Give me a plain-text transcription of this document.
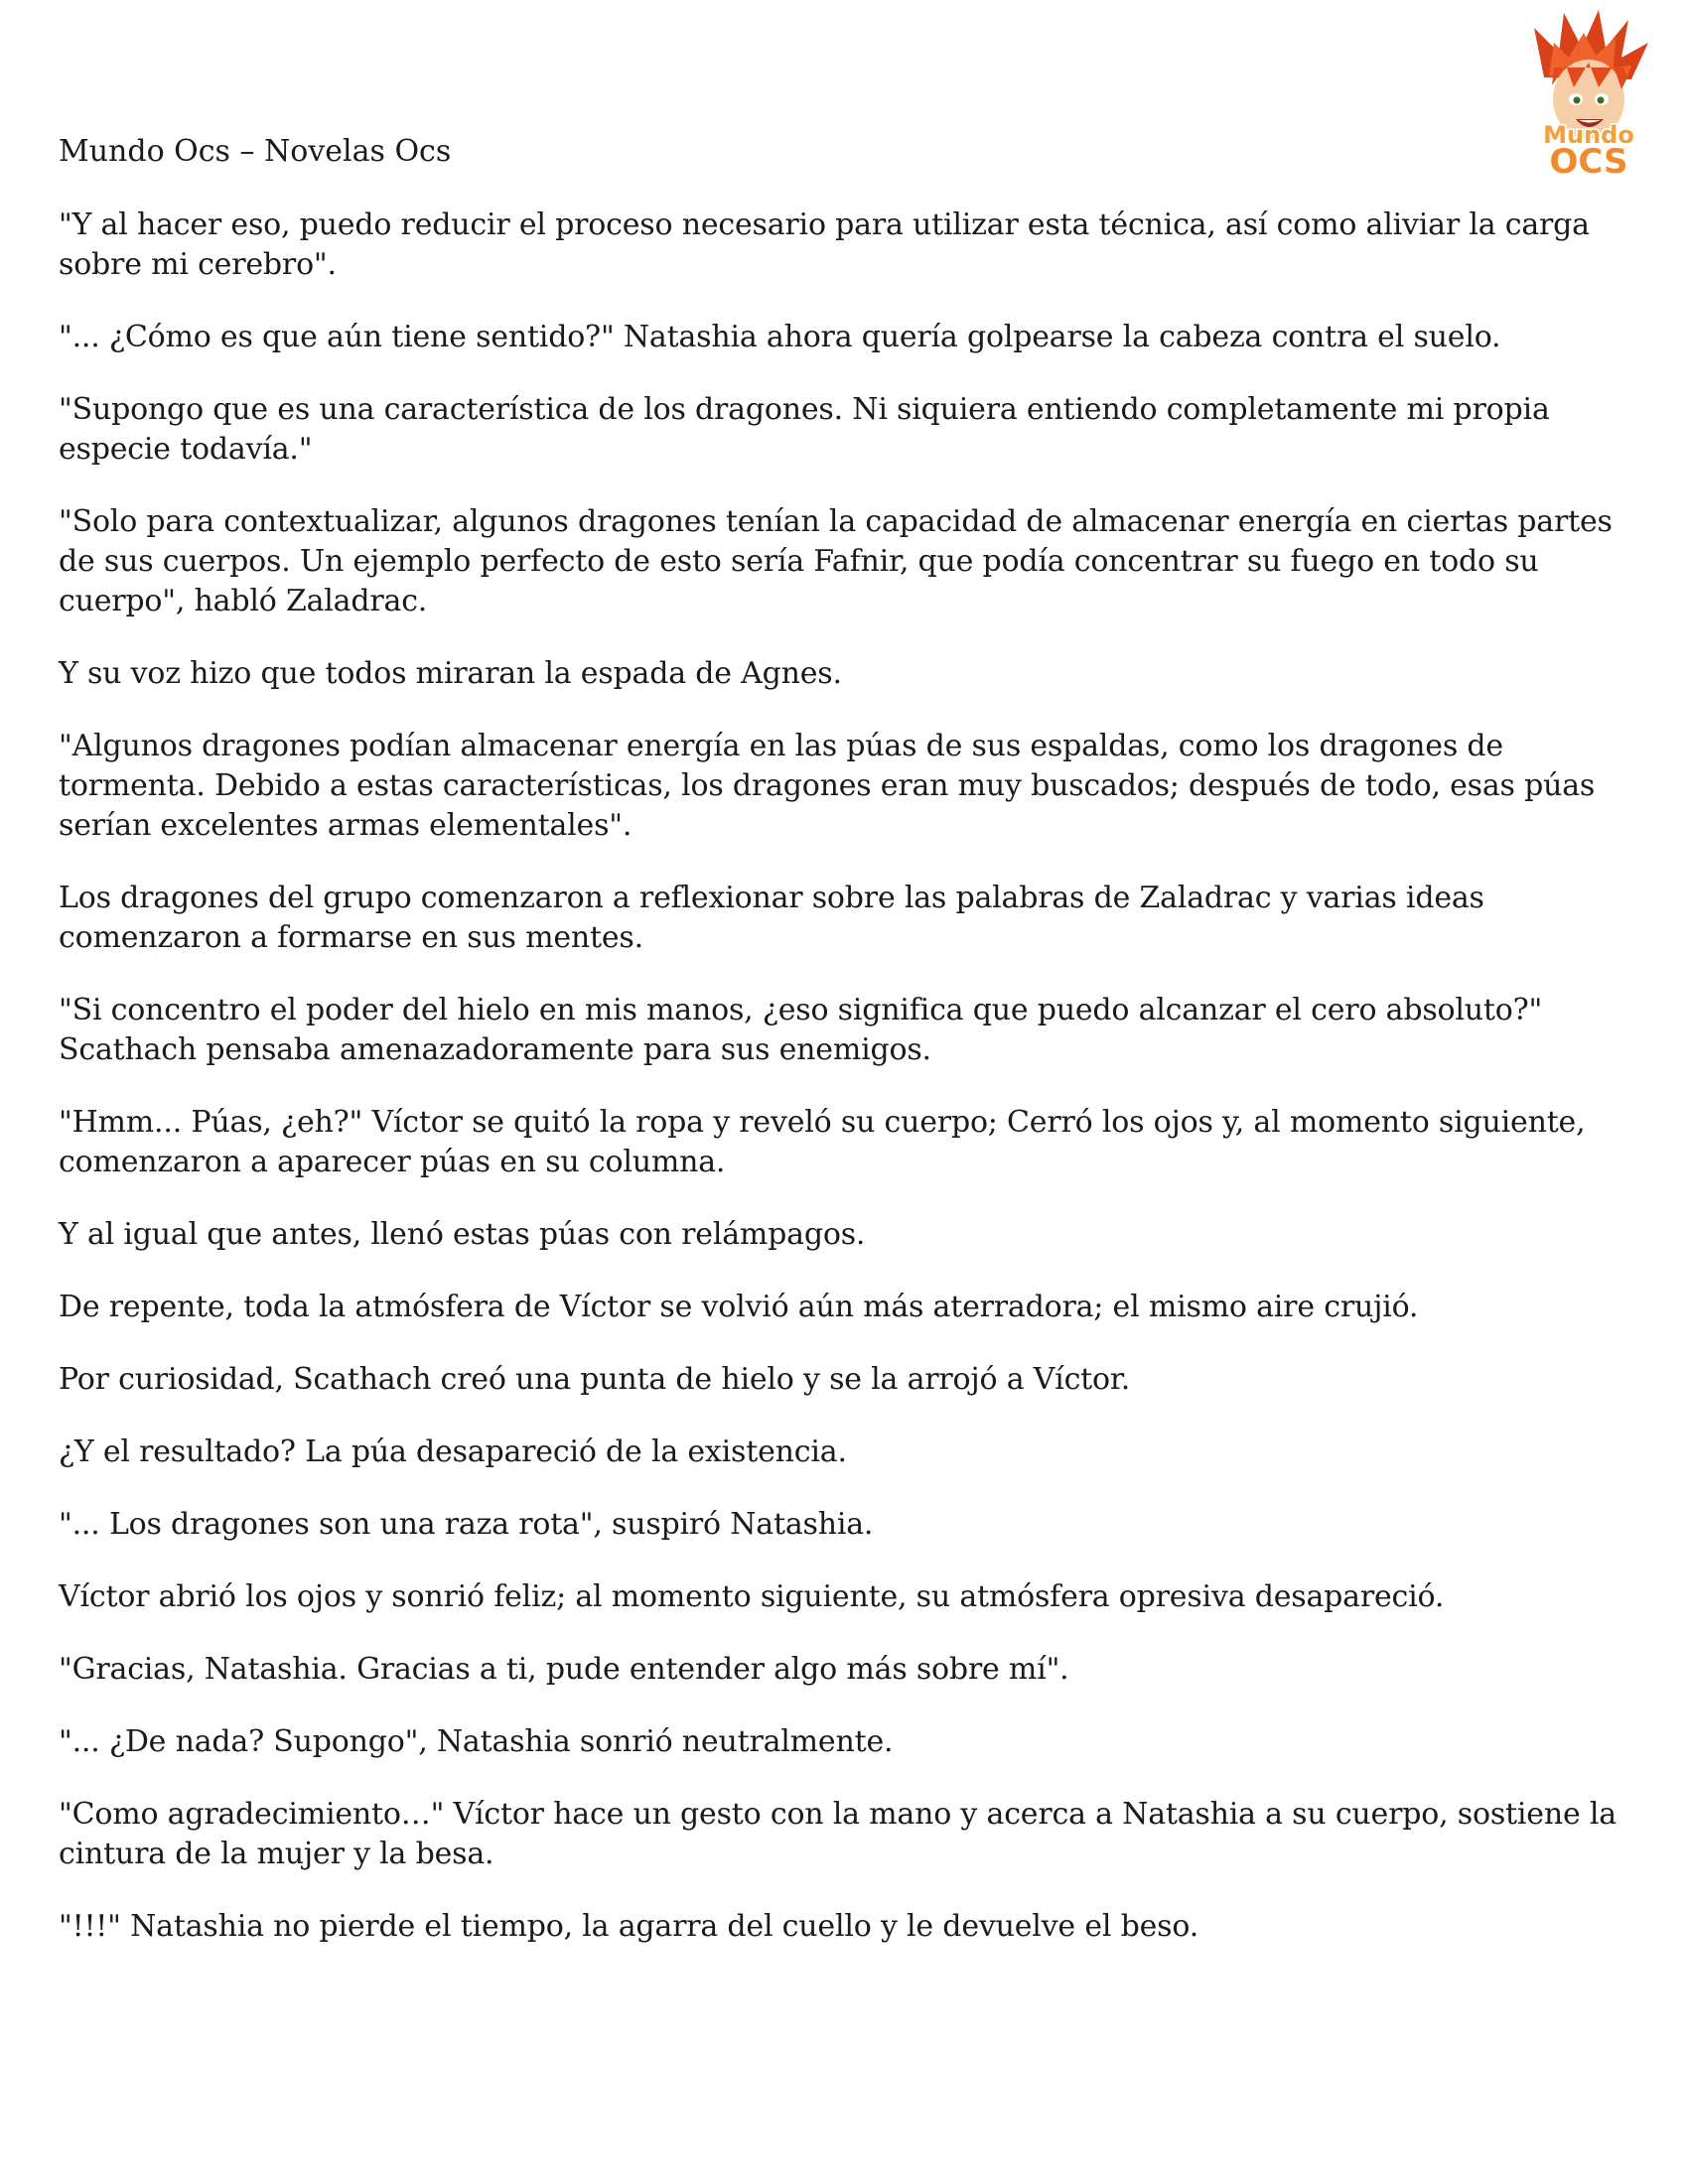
Mundo Ocs – Novelas Ocs	Mundo
OCS

"Y al hacer eso, puedo reducir el proceso necesario para utilizar esta técnica, así como aliviar la carga sobre mi cerebro".

"... ¿Cómo es que aún tiene sentido?" Natashia ahora quería golpearse la cabeza contra el suelo.

"Supongo que es una característica de los dragones. Ni siquiera entiendo completamente mi propia especie todavía."

"Solo para contextualizar, algunos dragones tenían la capacidad de almacenar energía en ciertas partes de sus cuerpos. Un ejemplo perfecto de esto sería Fafnir, que podía concentrar su fuego en todo su cuerpo", habló Zaladrac.

Y su voz hizo que todos miraran la espada de Agnes.

"Algunos dragones podían almacenar energía en las púas de sus espaldas, como los dragones de tormenta. Debido a estas características, los dragones eran muy buscados; después de todo, esas púas serían excelentes armas elementales".

Los dragones del grupo comenzaron a reflexionar sobre las palabras de Zaladrac y varias ideas comenzaron a formarse en sus mentes.

"Si concentro el poder del hielo en mis manos, ¿eso significa que puedo alcanzar el cero absoluto?" Scathach pensaba amenazadoramente para sus enemigos.

"Hmm... Púas, ¿eh?" Víctor se quitó la ropa y reveló su cuerpo; Cerró los ojos y, al momento siguiente, comenzaron a aparecer púas en su columna.

Y al igual que antes, llenó estas púas con relámpagos.

De repente, toda la atmósfera de Víctor se volvió aún más aterradora; el mismo aire crujió.

Por curiosidad, Scathach creó una punta de hielo y se la arrojó a Víctor.

¿Y el resultado? La púa desapareció de la existencia.

"... Los dragones son una raza rota", suspiró Natashia.

Víctor abrió los ojos y sonrió feliz; al momento siguiente, su atmósfera opresiva desapareció.

"Gracias, Natashia. Gracias a ti, pude entender algo más sobre mí".

"... ¿De nada? Supongo", Natashia sonrió neutralmente.

"Como agradecimiento…" Víctor hace un gesto con la mano y acerca a Natashia a su cuerpo, sostiene la cintura de la mujer y la besa.

"!!!" Natashia no pierde el tiempo, la agarra del cuello y le devuelve el beso.
